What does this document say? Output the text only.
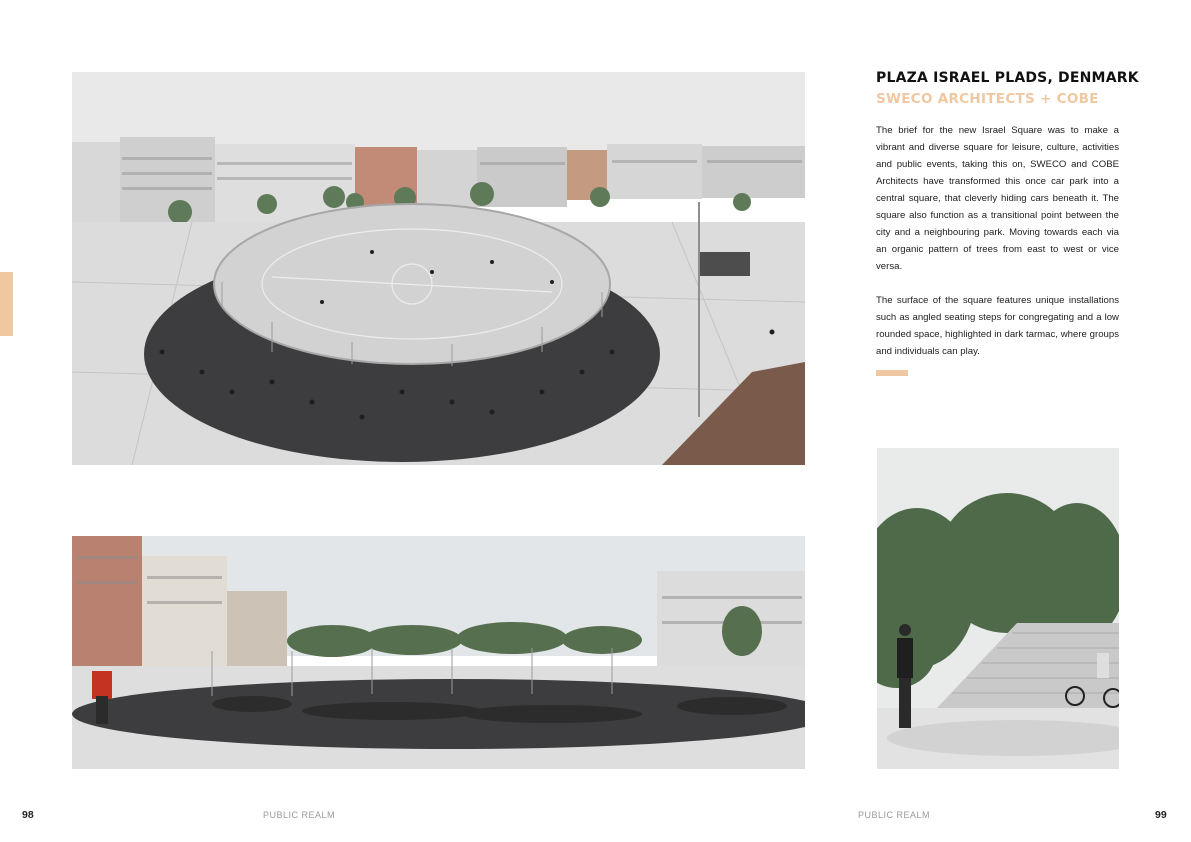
PLAZA ISRAEL PLADS, DENMARK
SWECO ARCHITECTS + COBE

The brief for the new Israel Square was to make a vibrant and diverse square for leisure, culture, activities and public events, taking this on, SWECO and COBE Architects have transformed this once car park into a central square, that cleverly hiding cars beneath it. The square also function as a transitional point between the city and a neighbouring park. Moving towards each via an organic pattern of trees from east to west or vice versa.

The surface of the square features unique installations such as angled seating steps for congregating and a low rounded space, highlighted in dark tarmac, where groups and individuals can play.

98	PUBLIC REALM	PUBLIC REALM	99
